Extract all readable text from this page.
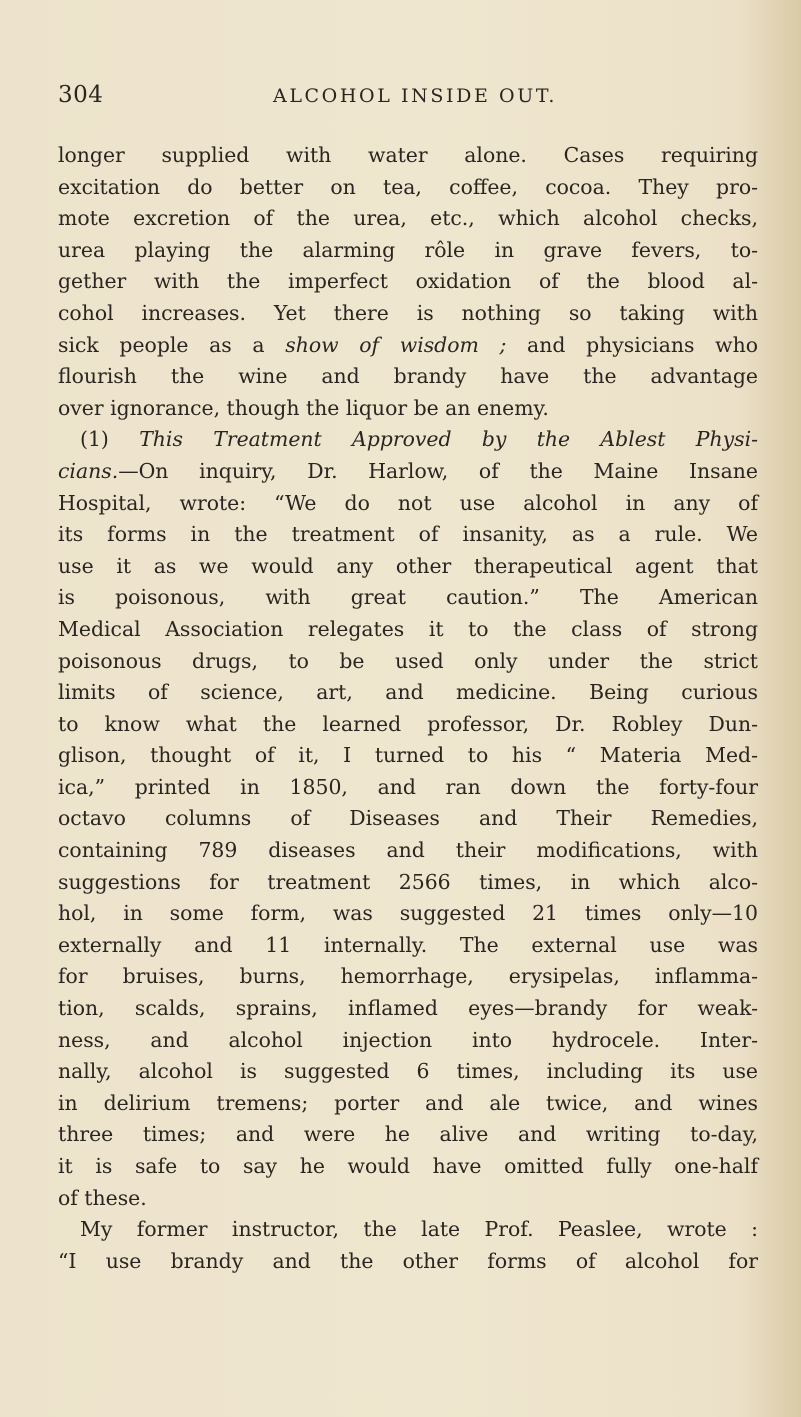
304	ALCOHOL INSIDE OUT.
longer supplied with water alone. Cases requiring
excitation do better on tea, coffee, cocoa. They pro-
mote excretion of the urea, etc., which alcohol checks,
urea playing the alarming rôle in grave fevers, to-
gether with the imperfect oxidation of the blood al-
cohol increases. Yet there is nothing so taking with
sick people as a show of wisdom ; and physicians who
flourish the wine and brandy have the advantage
over ignorance, though the liquor be an enemy.
(1) This Treatment Approved by the Ablest Physi-
cians.—On inquiry, Dr. Harlow, of the Maine Insane
Hospital, wrote: “We do not use alcohol in any of
its forms in the treatment of insanity, as a rule. We
use it as we would any other therapeutical agent that
is poisonous, with great caution.” The American
Medical Association relegates it to the class of strong
poisonous drugs, to be used only under the strict
limits of science, art, and medicine. Being curious
to know what the learned professor, Dr. Robley Dun-
glison, thought of it, I turned to his “ Materia Med-
ica,” printed in 1850, and ran down the forty-four
octavo columns of Diseases and Their Remedies,
containing 789 diseases and their modifications, with
suggestions for treatment 2566 times, in which alco-
hol, in some form, was suggested 21 times only—10
externally and 11 internally. The external use was
for bruises, burns, hemorrhage, erysipelas, inflamma-
tion, scalds, sprains, inflamed eyes—brandy for weak-
ness, and alcohol injection into hydrocele. Inter-
nally, alcohol is suggested 6 times, including its use
in delirium tremens; porter and ale twice, and wines
three times; and were he alive and writing to-day,
it is safe to say he would have omitted fully one-half
of these.
My former instructor, the late Prof. Peaslee, wrote :
“I use brandy and the other forms of alcohol for
